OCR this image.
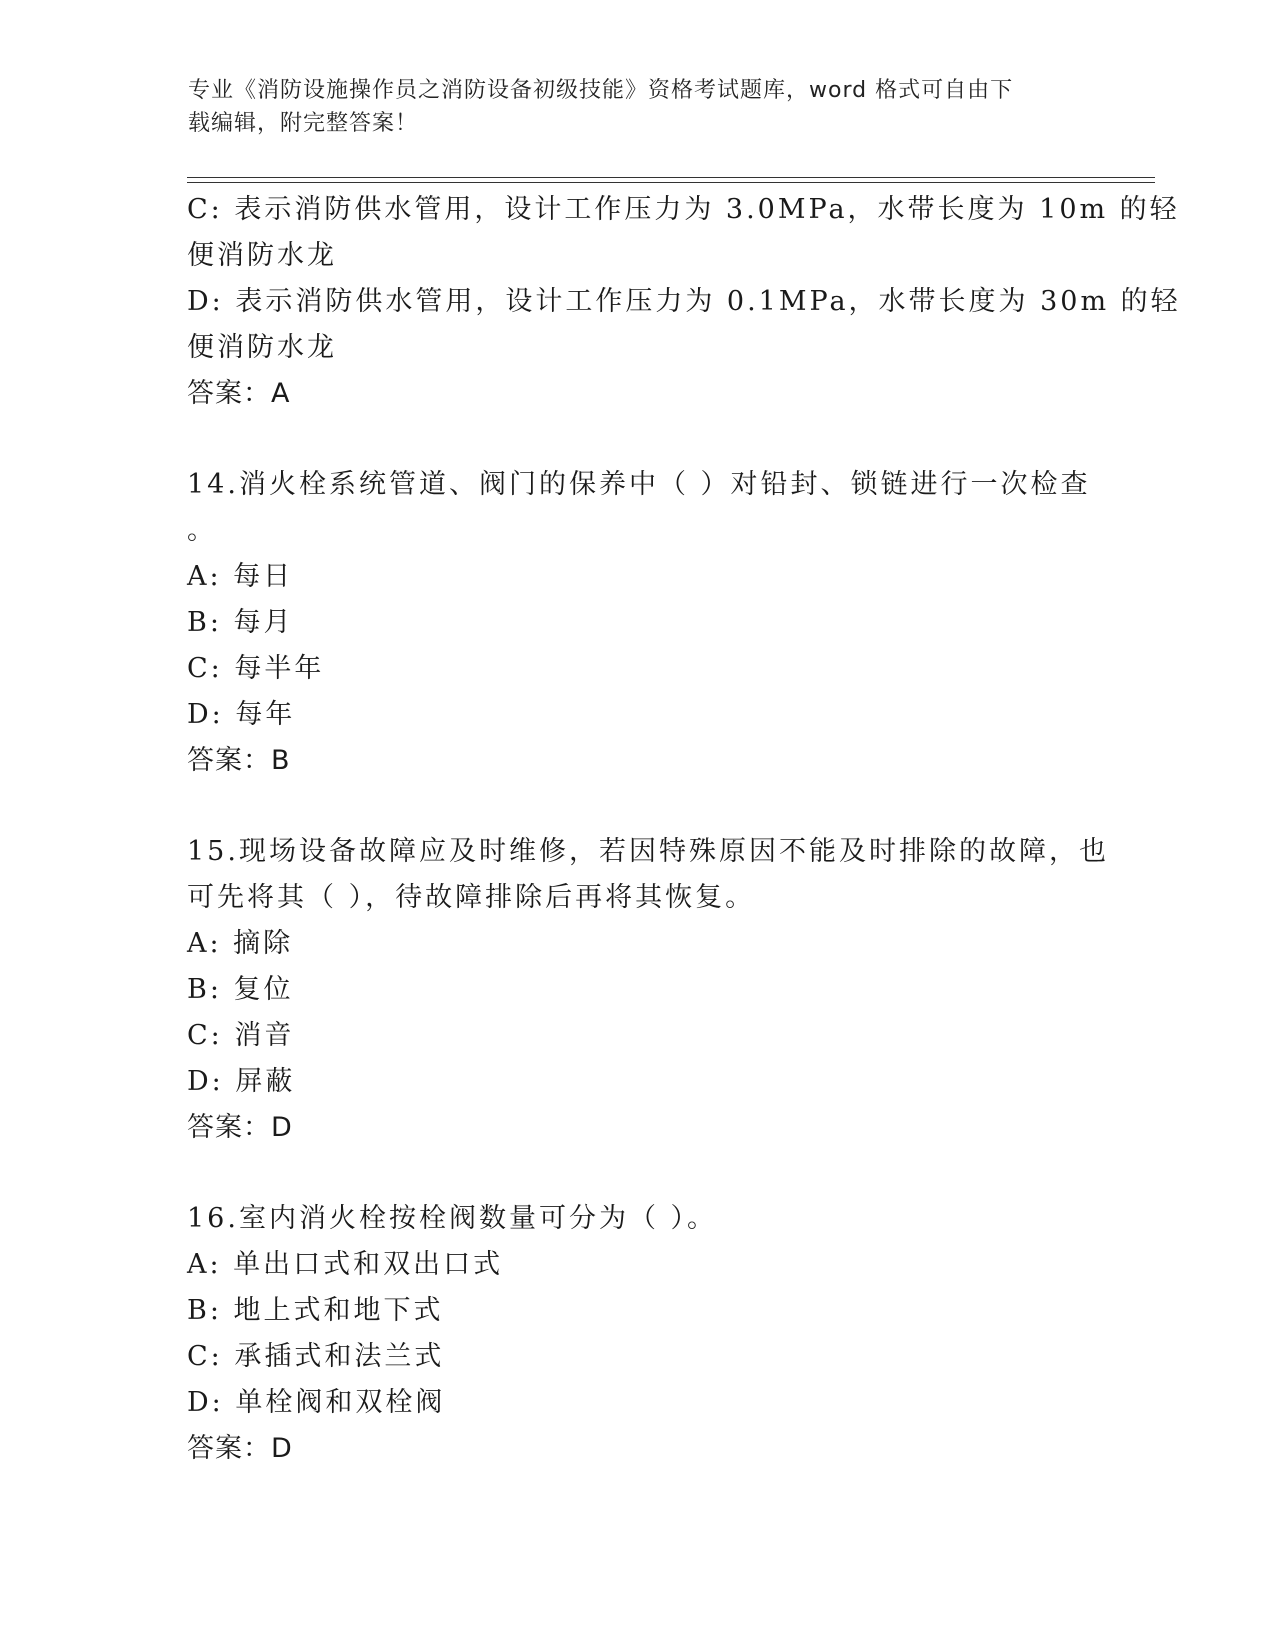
专业《消防设施操作员之消防设备初级技能》资格考试题库，word 格式可自由下
载编辑，附完整答案！
C: 表示消防供水管用，设计工作压力为 3.0MPa，水带长度为 10m 的轻
便消防水龙
D: 表示消防供水管用，设计工作压力为 0.1MPa，水带长度为 30m 的轻
便消防水龙
答案：A
14.消火栓系统管道、阀门的保养中（ ）对铅封、锁链进行一次检查
。
A: 每日
B: 每月
C: 每半年
D: 每年
答案：B
15.现场设备故障应及时维修，若因特殊原因不能及时排除的故障，也
可先将其（ ），待故障排除后再将其恢复。
A: 摘除
B: 复位
C: 消音
D: 屏蔽
答案：D
16.室内消火栓按栓阀数量可分为（ ）。
A: 单出口式和双出口式
B: 地上式和地下式
C: 承插式和法兰式
D: 单栓阀和双栓阀
答案：D
